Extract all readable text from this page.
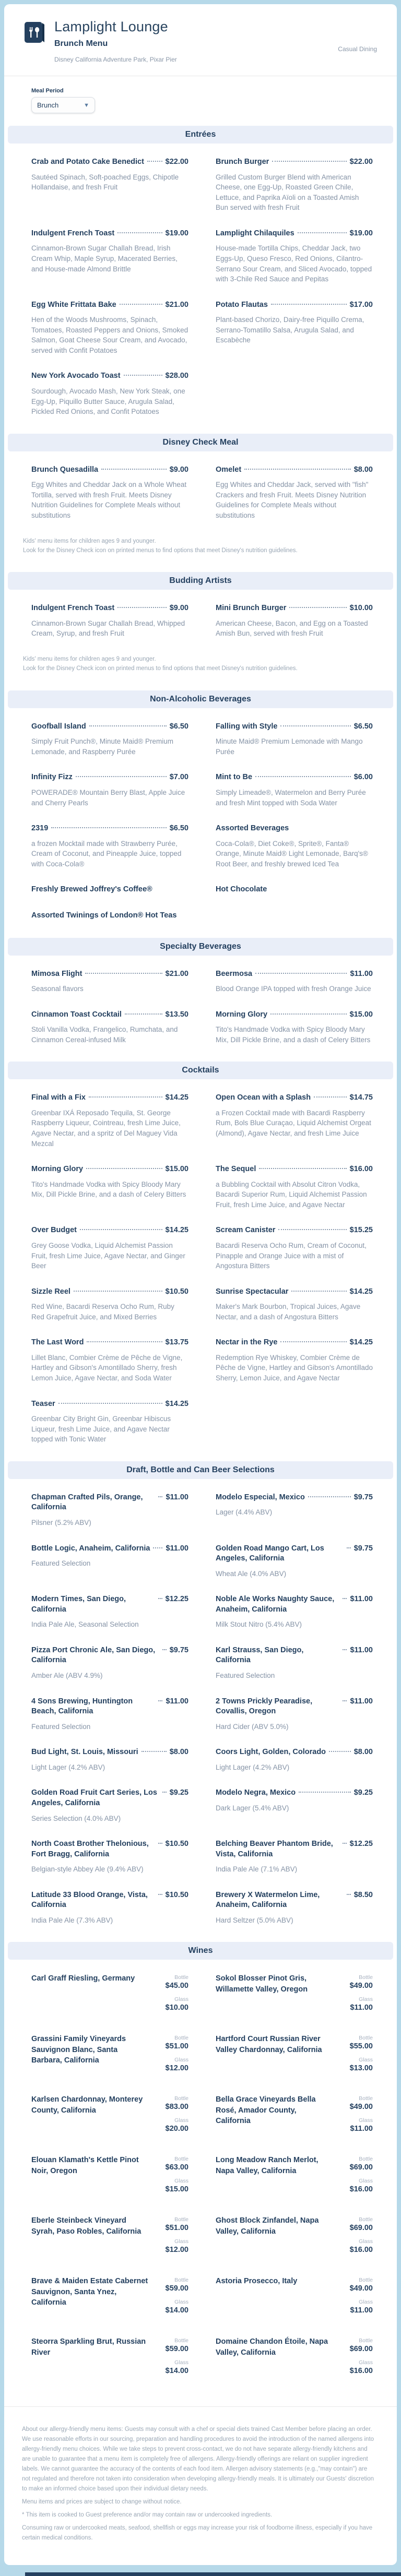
Lamplight Lounge
Brunch Menu
Disney California Adventure Park, Pixar Pier
Casual Dining
Meal Period
Brunch	▼
Entrées
Crab and Potato Cake Benedict	$22.00
Sautéed Spinach, Soft-poached Eggs, Chipotle Hollandaise, and fresh Fruit
Brunch Burger	$22.00
Grilled Custom Burger Blend with American Cheese, one Egg-Up, Roasted Green Chile, Lettuce, and Paprika Aïoli on a Toasted Amish Bun served with fresh Fruit
Indulgent French Toast	$19.00
Cinnamon-Brown Sugar Challah Bread, Irish Cream Whip, Maple Syrup, Macerated Berries, and House-made Almond Brittle
Lamplight Chilaquiles	$19.00
House-made Tortilla Chips, Cheddar Jack, two Eggs-Up, Queso Fresco, Red Onions, Cilantro-Serrano Sour Cream, and Sliced Avocado, topped with 3-Chile Red Sauce and Pepitas
Egg White Frittata Bake	$21.00
Hen of the Woods Mushrooms, Spinach, Tomatoes, Roasted Peppers and Onions, Smoked Salmon, Goat Cheese Sour Cream, and Avocado, served with Confit Potatoes
Potato Flautas	$17.00
Plant-based Chorizo, Dairy-free Piquillo Crema, Serrano-Tomatillo Salsa, Arugula Salad, and Escabèche
New York Avocado Toast	$28.00
Sourdough, Avocado Mash, New York Steak, one Egg-Up, Piquillo Butter Sauce, Arugula Salad, Pickled Red Onions, and Confit Potatoes
Disney Check Meal
Brunch Quesadilla	$9.00
Egg Whites and Cheddar Jack on a Whole Wheat Tortilla, served with fresh Fruit. Meets Disney Nutrition Guidelines for Complete Meals without substitutions
Omelet	$8.00
Egg Whites and Cheddar Jack, served with "fish" Crackers and fresh Fruit. Meets Disney Nutrition Guidelines for Complete Meals without substitutions
Kids' menu items for children ages 9 and younger.
Look for the Disney Check icon on printed menus to find options that meet Disney's nutrition guidelines.
Budding Artists
Indulgent French Toast	$9.00
Cinnamon-Brown Sugar Challah Bread, Whipped Cream, Syrup, and fresh Fruit
Mini Brunch Burger	$10.00
American Cheese, Bacon, and Egg on a Toasted Amish Bun, served with fresh Fruit
Kids' menu items for children ages 9 and younger.
Look for the Disney Check icon on printed menus to find options that meet Disney's nutrition guidelines.
Non-Alcoholic Beverages
Goofball Island	$6.50
Simply Fruit Punch®, Minute Maid® Premium Lemonade, and Raspberry Purée
Falling with Style	$6.50
Minute Maid® Premium Lemonade with Mango Purée
Infinity Fizz	$7.00
POWERADE® Mountain Berry Blast, Apple Juice and Cherry Pearls
Mint to Be	$6.00
Simply Limeade®, Watermelon and Berry Purée and fresh Mint topped with Soda Water
2319	$6.50
a frozen Mocktail made with Strawberry Purée, Cream of Coconut, and Pineapple Juice, topped with Coca-Cola®
Assorted Beverages
Coca-Cola®, Diet Coke®, Sprite®, Fanta® Orange, Minute Maid® Light Lemonade, Barq's® Root Beer, and freshly brewed Iced Tea
Freshly Brewed Joffrey's Coffee®	Hot Chocolate
Assorted Twinings of London® Hot Teas
Specialty Beverages
Mimosa Flight	$21.00
Seasonal flavors
Beermosa	$11.00
Blood Orange IPA topped with fresh Orange Juice
Cinnamon Toast Cocktail	$13.50
Stoli Vanilla Vodka, Frangelico, Rumchata, and Cinnamon Cereal-infused Milk
Morning Glory	$15.00
Tito's Handmade Vodka with Spicy Bloody Mary Mix, Dill Pickle Brine, and a dash of Celery Bitters
Cocktails
Final with a Fix	$14.25
Greenbar IXÁ Reposado Tequila, St. George Raspberry Liqueur, Cointreau, fresh Lime Juice, Agave Nectar, and a spritz of Del Maguey Vida Mezcal
Open Ocean with a Splash	$14.75
a Frozen Cocktail made with Bacardi Raspberry Rum, Bols Blue Curaçao, Liquid Alchemist Orgeat (Almond), Agave Nectar, and fresh Lime Juice
Morning Glory	$15.00
Tito's Handmade Vodka with Spicy Bloody Mary Mix, Dill Pickle Brine, and a dash of Celery Bitters
The Sequel	$16.00
a Bubbling Cocktail with Absolut Citron Vodka, Bacardi Superior Rum, Liquid Alchemist Passion Fruit, fresh Lime Juice, and Agave Nectar
Over Budget	$14.25
Grey Goose Vodka, Liquid Alchemist Passion Fruit, fresh Lime Juice, Agave Nectar, and Ginger Beer
Scream Canister	$15.25
Bacardi Reserva Ocho Rum, Cream of Coconut, Pinapple and Orange Juice with a mist of Angostura Bitters
Sizzle Reel	$10.50
Red Wine, Bacardi Reserva Ocho Rum, Ruby Red Grapefruit Juice, and Mixed Berries
Sunrise Spectacular	$14.25
Maker's Mark Bourbon, Tropical Juices, Agave Nectar, and a dash of Angostura Bitters
The Last Word	$13.75
Lillet Blanc, Combier Crème de Pêche de Vigne, Hartley and Gibson's Amontillado Sherry, fresh Lemon Juice, Agave Nectar, and Soda Water
Nectar in the Rye	$14.25
Redemption Rye Whiskey, Combier Crème de Pêche de Vigne, Hartley and Gibson's Amontillado Sherry, Lemon Juice, and Agave Nectar
Teaser	$14.25
Greenbar City Bright Gin, Greenbar Hibiscus Liqueur, fresh Lime Juice, and Agave Nectar topped with Tonic Water
Draft, Bottle and Can Beer Selections
Chapman Crafted Pils, Orange, California
$11.00
Pilsner (5.2% ABV)
Modelo Especial, Mexico	$9.75
Lager (4.4% ABV)
Bottle Logic, Anaheim, California $11.00
Featured Selection
Golden Road Mango Cart, Los Angeles, California
$9.75
Wheat Ale (4.0% ABV)
Modern Times, San Diego, California
$12.25
India Pale Ale, Seasonal Selection
Noble Ale Works Naughty Sauce, Anaheim, California
$11.00
Milk Stout Nitro (5.4% ABV)
Pizza Port Chronic Ale, San Diego, California
$9.75
Amber Ale (ABV 4.9%)
Karl Strauss, San Diego, California
$11.00
Featured Selection
4 Sons Brewing, Huntington Beach, California
$11.00
Featured Selection
2 Towns Prickly Pearadise, Covallis, Oregon
$11.00
Hard Cider (ABV 5.0%)
Bud Light, St. Louis, Missouri	$8.00
Light Lager (4.2% ABV)
Coors Light, Golden, Colorado	$8.00
Light Lager (4.2% ABV)
Golden Road Fruit Cart Series, Los Angeles, California
$9.25
Series Selection (4.0% ABV)
Modelo Negra, Mexico	$9.25
Dark Lager (5.4% ABV)
North Coast Brother Thelonious, Fort Bragg, California
$10.50
Belgian-style Abbey Ale (9.4% ABV)
Belching Beaver Phantom Bride, Vista, California
$12.25
India Pale Ale (7.1% ABV)
Latitude 33 Blood Orange, Vista, California
$10.50
India Pale Ale (7.3% ABV)
Brewery X Watermelon Lime, Anaheim, California
$8.50
Hard Seltzer (5.0% ABV)
Wines
Carl Graff Riesling, Germany	Bottle
$45.00
Glass
$10.00
Sokol Blosser Pinot Gris, Willamette Valley, Oregon
Bottle
$49.00
Glass
$11.00
Grassini Family Vineyards Sauvignon Blanc, Santa Barbara, California
Bottle
$51.00
Glass
$12.00
Hartford Court Russian River Valley Chardonnay, California
Bottle
$55.00
Glass
$13.00
Karlsen Chardonnay, Monterey County, California
Bottle
$83.00
Glass
$20.00
Bella Grace Vineyards Bella Rosé, Amador County, California
Bottle
$49.00
Glass
$11.00
Elouan Klamath's Kettle Pinot Noir, Oregon
Bottle
$63.00
Glass
$15.00
Long Meadow Ranch Merlot, Napa Valley, California
Bottle
$69.00
Glass
$16.00
Eberle Steinbeck Vineyard Syrah, Paso Robles, California
Bottle
$51.00
Glass
$12.00
Ghost Block Zinfandel, Napa Valley, California
Bottle
$69.00
Glass
$16.00
Brave & Maiden Estate Cabernet Sauvignon, Santa Ynez, California
Bottle
$59.00
Glass
$14.00
Astoria Prosecco, Italy	Bottle
$49.00
Glass
$11.00
Steorra Sparkling Brut, Russian River
Bottle
$59.00
Glass
$14.00
Domaine Chandon Étoile, Napa Valley, California
Bottle
$69.00
Glass
$16.00

About our allergy-friendly menu items: Guests may consult with a chef or special diets trained Cast Member before placing an order. We use reasonable efforts in our sourcing, preparation and handling procedures to avoid the introduction of the named allergens into allergy-friendly menu choices. While we take steps to prevent cross-contact, we do not have separate allergy-friendly kitchens and are unable to guarantee that a menu item is completely free of allergens. Allergy-friendly offerings are reliant on supplier ingredient labels. We cannot guarantee the accuracy of the contents of each food item. Allergen advisory statements (e.g.,"may contain") are not regulated and therefore not taken into consideration when developing allergy-friendly meals. It is ultimately our Guests' discretion to make an informed choice based upon their individual dietary needs.

Menu items and prices are subject to change without notice.

* This item is cooked to Guest preference and/or may contain raw or undercooked ingredients.

Consuming raw or undercooked meats, seafood, shellfish or eggs may increase your risk of foodborne illness, especially if you have certain medical conditions.
